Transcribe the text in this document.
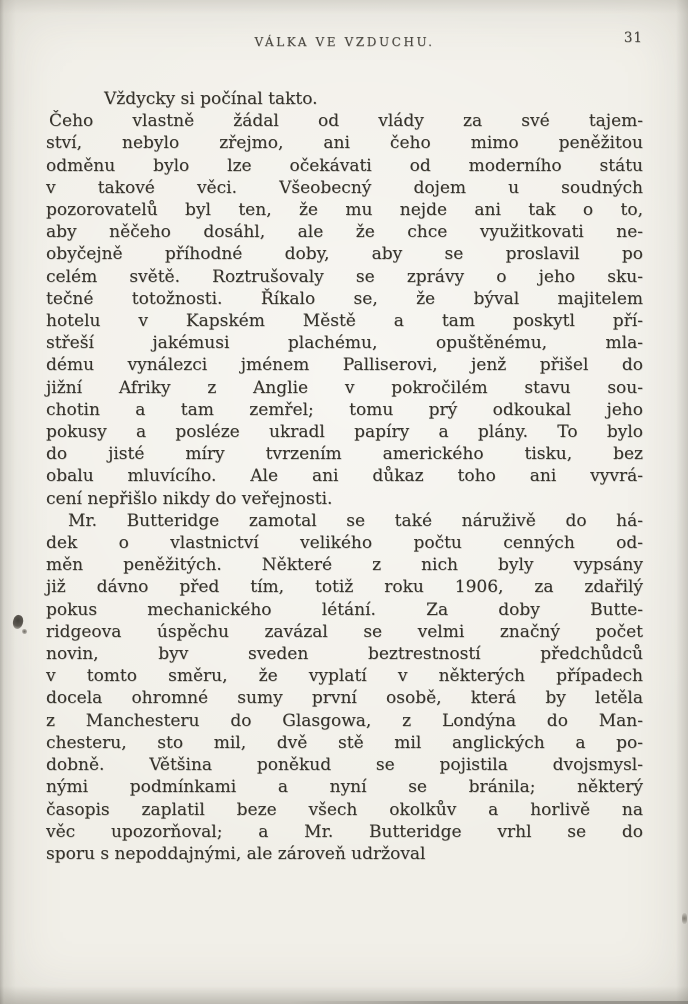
VÁLKA VE VZDUCHU.	31
Vždycky si počínal takto.
Čeho vlastně žádal od vlády za své tajem-
ství, nebylo zřejmo, ani čeho mimo peněžitou
odměnu bylo lze očekávati od moderního státu
v takové věci. Všeobecný dojem u soudných
pozorovatelů byl ten, že mu nejde ani tak o to,
aby něčeho dosáhl, ale že chce využitkovati ne-
obyčejně příhodné doby, aby se proslavil po
celém světě. Roztrušovaly se zprávy o jeho sku-
tečné totožnosti. Říkalo se, že býval majitelem
hotelu v Kapském Městě a tam poskytl pří-
střeší jakémusi plachému, opuštěnému, mla-
dému vynálezci jménem Palliserovi, jenž přišel do
jižní Afriky z Anglie v pokročilém stavu sou-
chotin a tam zemřel; tomu prý odkoukal jeho
pokusy a posléze ukradl papíry a plány. To bylo
do jisté míry tvrzením amerického tisku, bez
obalu mluvícího. Ale ani důkaz toho ani vyvrá-
cení nepřišlo nikdy do veřejnosti.
Mr. Butteridge zamotal se také náruživě do há-
dek o vlastnictví velikého počtu cenných od-
měn peněžitých. Některé z nich byly vypsány
již dávno před tím, totiž roku 1906, za zdařilý
pokus mechanického létání. Za doby Butte-
ridgeova úspěchu zavázal se velmi značný počet
novin, byv sveden beztrestností předchůdců
v tomto směru, že vyplatí v některých případech
docela ohromné sumy první osobě, která by letěla
z Manchesteru do Glasgowa, z Londýna do Man-
chesteru, sto mil, dvě stě mil anglických a po-
dobně. Většina poněkud se pojistila dvojsmysl-
nými podmínkami a nyní se bránila; některý
časopis zaplatil beze všech okolkův a horlivě na
věc upozorňoval; a Mr. Butteridge vrhl se do
sporu s nepoddajnými, ale zároveň udržoval
